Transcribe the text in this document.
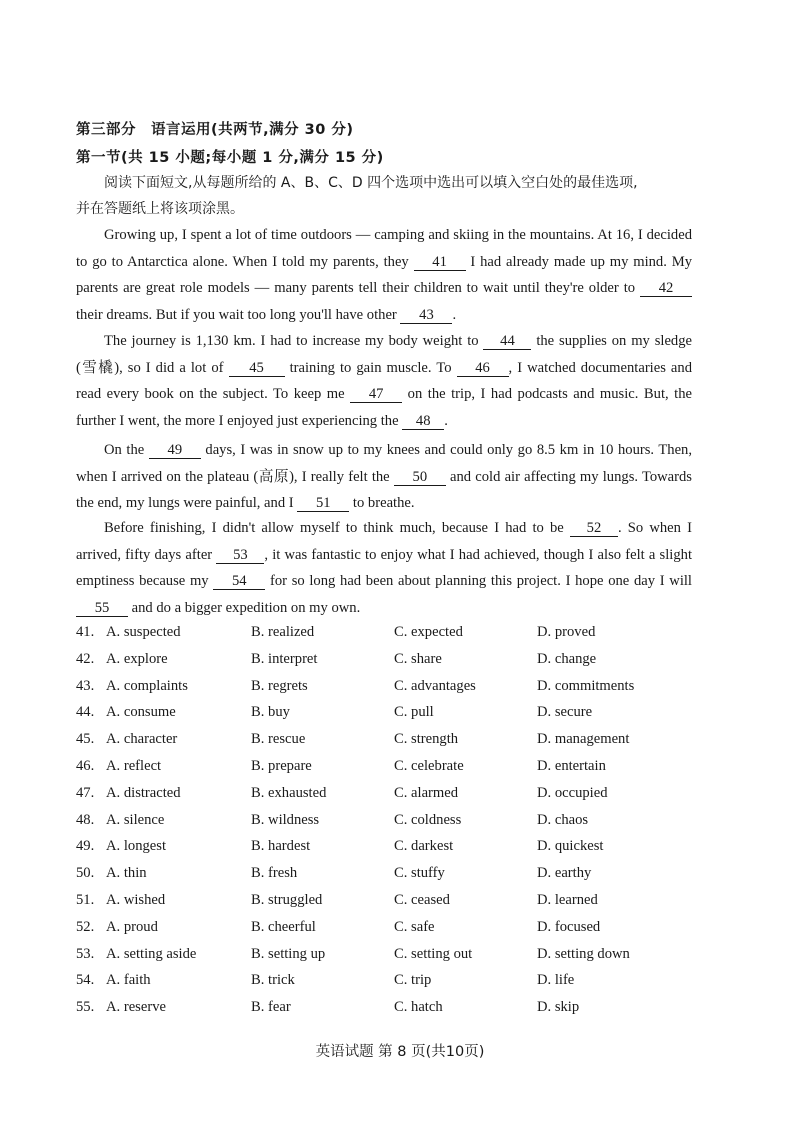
第三部分　语言运用(共两节,满分 30 分)
第一节(共 15 小题;每小题 1 分,满分 15 分)
阅读下面短文,从每题所给的 A、B、C、D 四个选项中选出可以填入空白处的最佳选项,
并在答题纸上将该项涂黑。
Growing up, I spent a lot of time outdoors — camping and skiing in the mountains. At 16, I decided to go to Antarctica alone. When I told my parents, they 41 I had already made up my mind. My parents are great role models — many parents tell their children to wait until they're older to 42 their dreams. But if you wait too long you'll have other 43 .
The journey is 1,130 km. I had to increase my body weight to 44 the supplies on my sledge (雪橇), so I did a lot of 45 training to gain muscle. To 46 , I watched documentaries and read every book on the subject. To keep me 47 on the trip, I had podcasts and music. But, the further I went, the more I enjoyed just experiencing the 48 .
On the 49 days, I was in snow up to my knees and could only go 8.5 km in 10 hours. Then, when I arrived on the plateau (高原), I really felt the 50 and cold air affecting my lungs. Towards the end, my lungs were painful, and I 51 to breathe.
Before finishing, I didn't allow myself to think much, because I had to be 52 . So when I arrived, fifty days after 53 , it was fantastic to enjoy what I had achieved, though I also felt a slight emptiness because my 54 for so long had been about planning this project. I hope one day I will 55 and do a bigger expedition on my own.
41. A. suspected	B. realized	C. expected	D. proved
42. A. explore	B. interpret	C. share	D. change
43. A. complaints	B. regrets	C. advantages	D. commitments
44. A. consume	B. buy	C. pull	D. secure
45. A. character	B. rescue	C. strength	D. management
46. A. reflect	B. prepare	C. celebrate	D. entertain
47. A. distracted	B. exhausted	C. alarmed	D. occupied
48. A. silence	B. wildness	C. coldness	D. chaos
49. A. longest	B. hardest	C. darkest	D. quickest
50. A. thin	B. fresh	C. stuffy	D. earthy
51. A. wished	B. struggled	C. ceased	D. learned
52. A. proud	B. cheerful	C. safe	D. focused
53. A. setting aside	B. setting up	C. setting out	D. setting down
54. A. faith	B. trick	C. trip	D. life
55. A. reserve	B. fear	C. hatch	D. skip
英语试题 第 8 页(共10页)
